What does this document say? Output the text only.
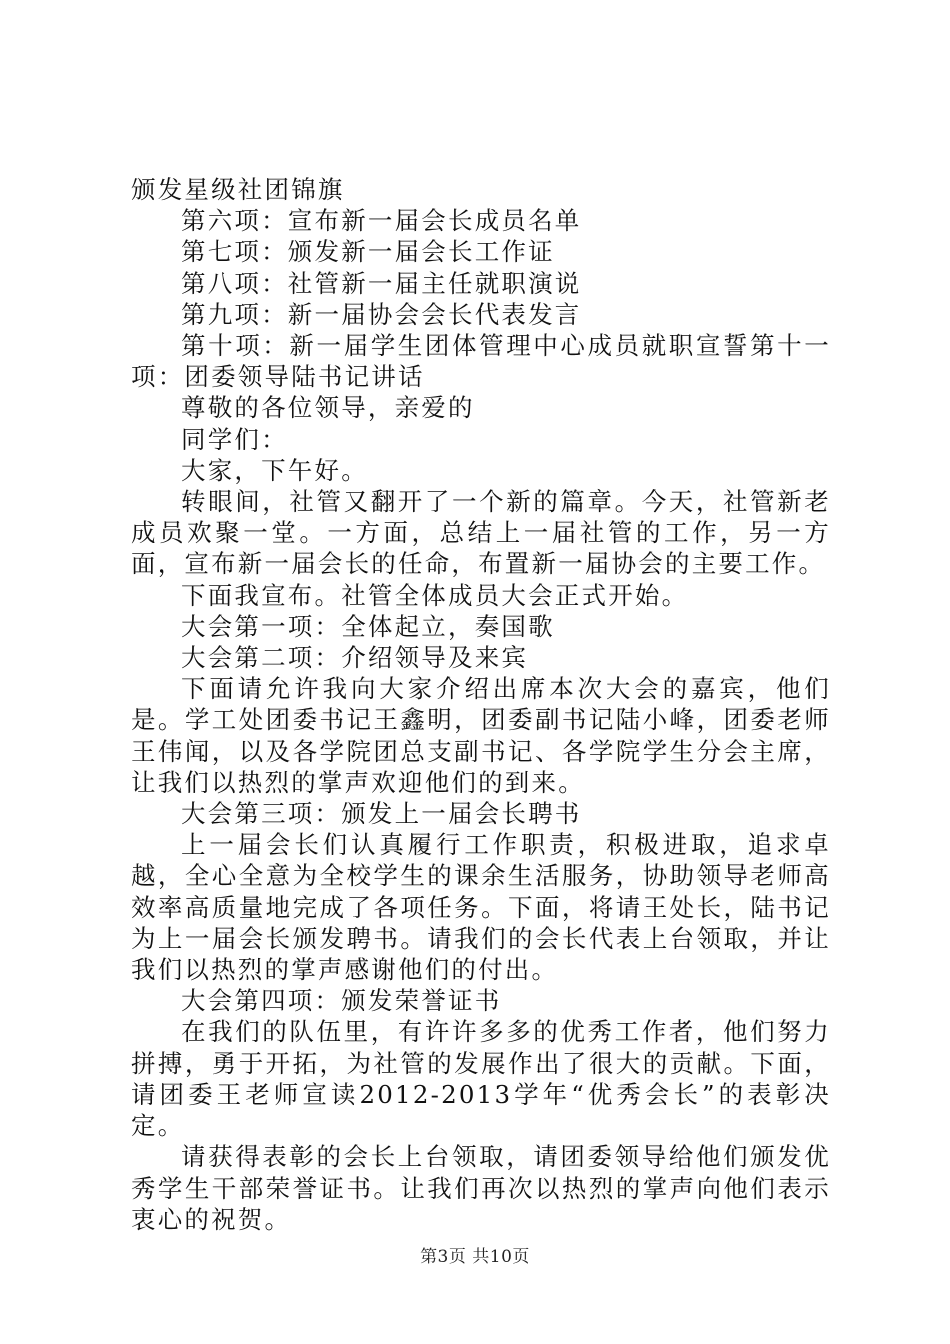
颁发星级社团锦旗

第六项：宣布新一届会长成员名单

第七项：颁发新一届会长工作证

第八项：社管新一届主任就职演说

第九项：新一届协会会长代表发言

第十项：新一届学生团体管理中心成员就职宣誓第十一项：团委领导陆书记讲话

尊敬的各位领导，亲爱的

同学们：

大家，下午好。

转眼间，社管又翻开了一个新的篇章。今天，社管新老成员欢聚一堂。一方面，总结上一届社管的工作，另一方面，宣布新一届会长的任命，布置新一届协会的主要工作。

下面我宣布。社管全体成员大会正式开始。

大会第一项：全体起立，奏国歌

大会第二项：介绍领导及来宾

下面请允许我向大家介绍出席本次大会的嘉宾，他们是。学工处团委书记王鑫明，团委副书记陆小峰，团委老师王伟闻，以及各学院团总支副书记、各学院学生分会主席，让我们以热烈的掌声欢迎他们的到来。

大会第三项：颁发上一届会长聘书

上一届会长们认真履行工作职责，积极进取，追求卓越，全心全意为全校学生的课余生活服务，协助领导老师高效率高质量地完成了各项任务。下面，将请王处长，陆书记为上一届会长颁发聘书。请我们的会长代表上台领取，并让我们以热烈的掌声感谢他们的付出。

大会第四项：颁发荣誉证书

在我们的队伍里，有许许多多的优秀工作者，他们努力拼搏，勇于开拓，为社管的发展作出了很大的贡献。下面，请团委王老师宣读2012-2013学年“优秀会长”的表彰决定。

请获得表彰的会长上台领取，请团委领导给他们颁发优秀学生干部荣誉证书。让我们再次以热烈的掌声向他们表示衷心的祝贺。

第3页 共10页
